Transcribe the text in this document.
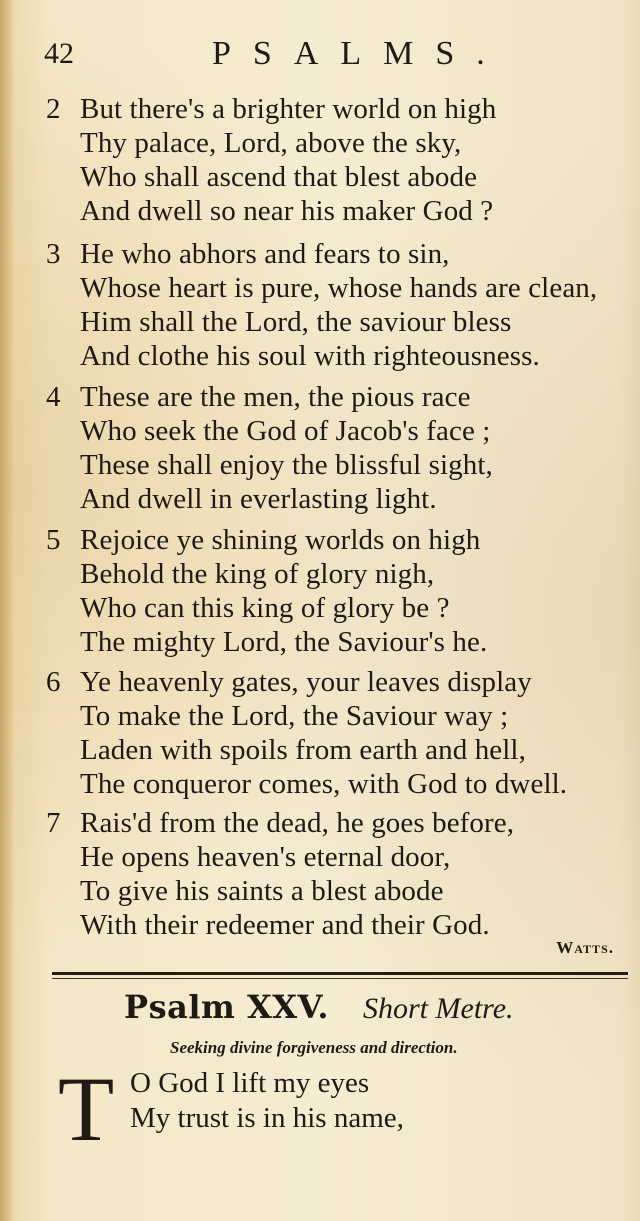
42	PSALMS.
2 But there's a brighter world on high
Thy palace, Lord, above the sky,
Who shall ascend that blest abode
And dwell so near his maker God ?
3 He who abhors and fears to sin,
Whose heart is pure, whose hands are clean,
Him shall the Lord, the saviour bless
And clothe his soul with righteousness.
4 These are the men, the pious race
Who seek the God of Jacob's face ;
These shall enjoy the blissful sight,
And dwell in everlasting light.
5 Rejoice ye shining worlds on high
Behold the king of glory nigh,
Who can this king of glory be ?
The mighty Lord, the Saviour's he.
6 Ye heavenly gates, your leaves display
To make the Lord, the Saviour way ;
Laden with spoils from earth and hell,
The conqueror comes, with God to dwell.
7 Rais'd from the dead, he goes before,
He opens heaven's eternal door,
To give his saints a blest abode
With their redeemer and their God.
Watts.
Psalm XXV. Short Metre.
Seeking divine forgiveness and direction.
T O God I lift my eyes
My trust is in his name,
